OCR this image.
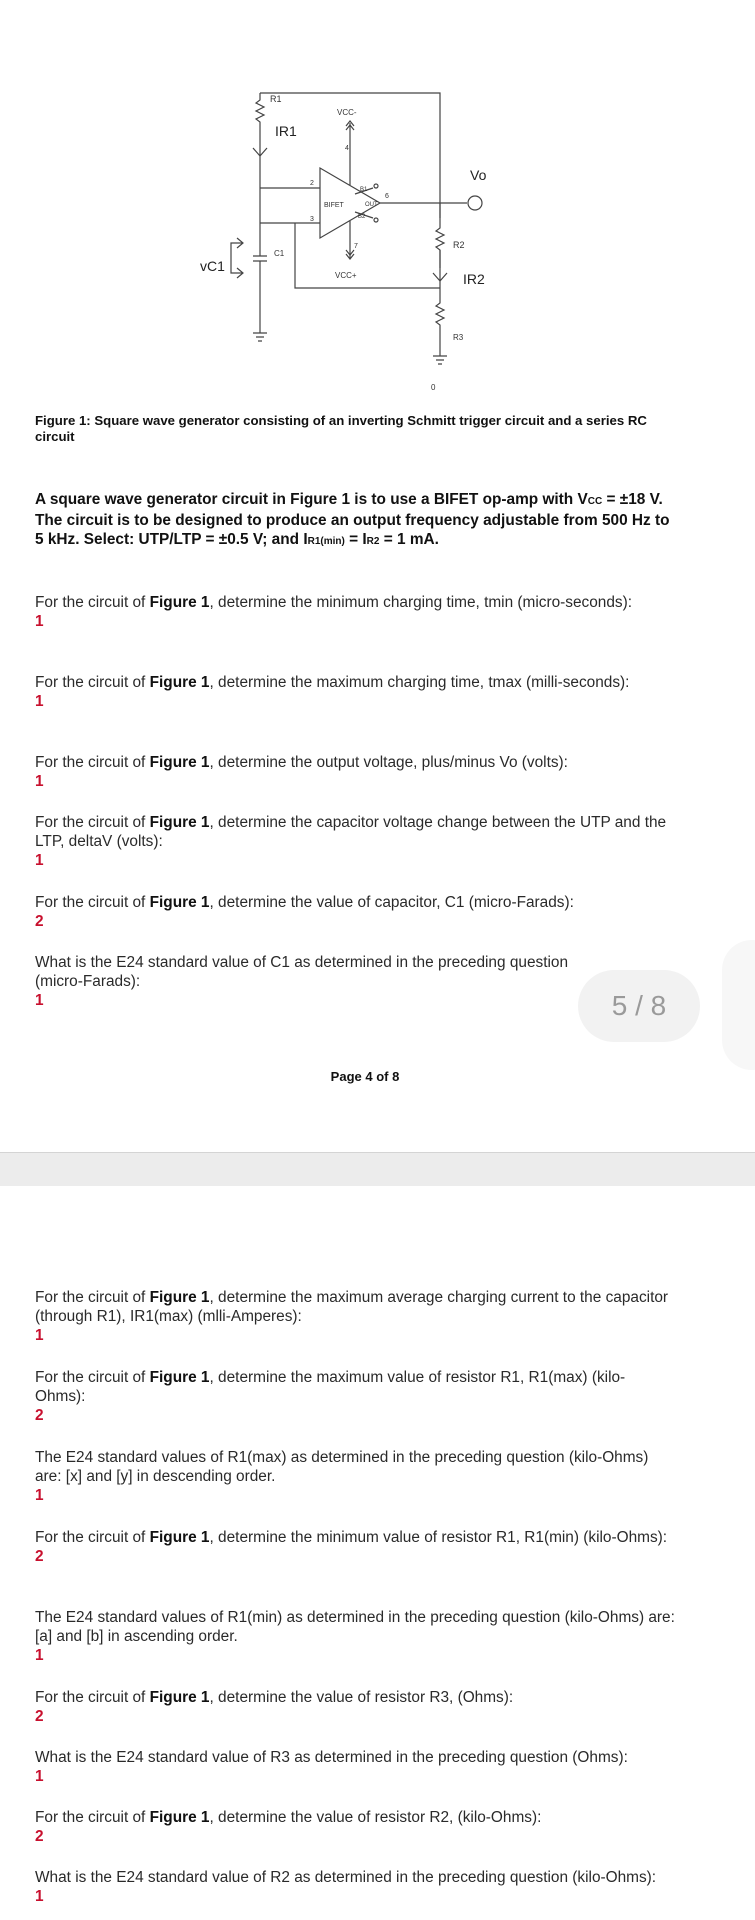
R1
IR1
VCC-
4
2
3
B1
B2
6
OUT
BIFET
7
VCC+
Vo
C1
vC1
R2
IR2
R3
0
Figure 1: Square wave generator consisting of an inverting Schmitt trigger circuit and a series RC circuit
A square wave generator circuit in Figure 1 is to use a BIFET op-amp with VCC = ±18 V. The circuit is to be designed to produce an output frequency adjustable from 500 Hz to 5 kHz. Select: UTP/LTP = ±0.5 V; and IR1(min) = IR2 = 1 mA.
For the circuit of Figure 1, determine the minimum charging time, tmin (micro-seconds):
1
For the circuit of Figure 1, determine the maximum charging time, tmax (milli-seconds):
1
For the circuit of Figure 1, determine the output voltage, plus/minus Vo (volts):
1
For the circuit of Figure 1, determine the capacitor voltage change between the UTP and the LTP, deltaV (volts):
1
For the circuit of Figure 1, determine the value of capacitor, C1 (micro-Farads):
2
What is the E24 standard value of C1 as determined in the preceding question (micro-Farads):
1	5 / 8
Page 4 of 8
For the circuit of Figure 1, determine the maximum average charging current to the capacitor (through R1), IR1(max) (mlli-Amperes):
1
For the circuit of Figure 1, determine the maximum value of resistor R1, R1(max) (kilo-Ohms):
2
The E24 standard values of R1(max) as determined in the preceding question (kilo-Ohms) are: [x] and [y] in descending order.
1
For the circuit of Figure 1, determine the minimum value of resistor R1, R1(min) (kilo-Ohms):
2
The E24 standard values of R1(min) as determined in the preceding question (kilo-Ohms) are: [a] and [b] in ascending order.
1
For the circuit of Figure 1, determine the value of resistor R3, (Ohms):
2
What is the E24 standard value of R3 as determined in the preceding question (Ohms):
1
For the circuit of Figure 1, determine the value of resistor R2, (kilo-Ohms):
2
What is the E24 standard value of R2 as determined in the preceding question (kilo-Ohms):
1
